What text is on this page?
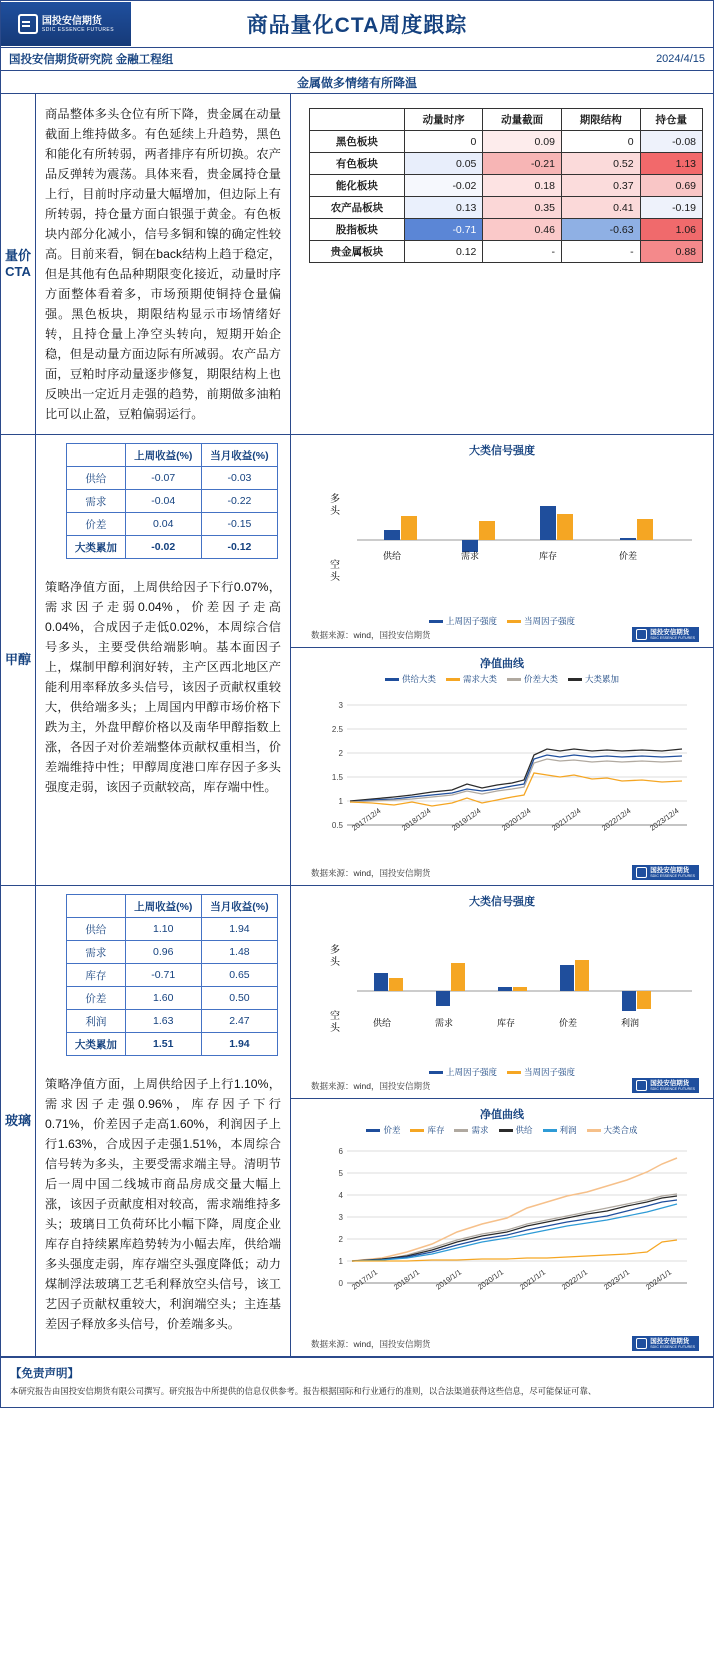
国投安信期货
SDIC ESSENCE FUTURES	商品量化CTA周度跟踪
国投安信期货研究院 金融工程组	2024/4/15
金属做多情绪有所降温
量价CTA
商品整体多头仓位有所下降，贵金属在动量截面上维持做多。有色延续上升趋势，黑色和能化有所转弱，两者排序有所切换。农产品反弹转为震荡。具体来看，贵金属持仓量上行，目前时序动量大幅增加，但边际上有所转弱，持仓量方面白银强于黄金。有色板块内部分化减小，信号多铜和镍的确定性较高。目前来看，铜在back结构上趋于稳定，但是其他有色品种期限变化接近，动量时序方面整体看着多，市场预期使铜持仓量偏强。黑色板块，期限结构显示市场情绪好转，且持仓量上净空头转向，短期开始企稳，但是动量方面边际有所减弱。农产品方面，豆粕时序动量逐步修复，期限结构上也反映出一定近月走强的趋势，前期做多油粕比可以止盈，豆粕偏弱运行。
	动量时序	动量截面	期限结构	持仓量
黑色板块	0	0.09	0	-0.08
有色板块	0.05	-0.21	0.52	1.13
能化板块	-0.02	0.18	0.37	0.69
农产品板块	0.13	0.35	0.41	-0.19
股指板块	-0.71	0.46	-0.63	1.06
贵金属板块	0.12	-	-	0.88
甲醇
	上周收益(%)	当月收益(%)
供给	-0.07	-0.03
需求	-0.04	-0.22
价差	0.04	-0.15
大类累加	-0.02	-0.12
策略净值方面，上周供给因子下行0.07%，需求因子走弱0.04%，价差因子走高0.04%，合成因子走低0.02%，本周综合信号多头，主要受供给端影响。基本面因子上，煤制甲醇利润好转，主产区西北地区产能利用率释放多头信号，该因子贡献权重较大，供给端多头；上周国内甲醇市场价格下跌为主，外盘甲醇价格以及南华甲醇指数上涨，各因子对价差端整体贡献权重相当，价差端维持中性；甲醇周度港口库存因子多头强度走弱，该因子贡献较高，库存端中性。
大类信号强度
多
头
空
头
供给	需求	库存	价差
上周因子强度	当周因子强度
数据来源：wind，国投安信期货	国投安信期货
SDIC ESSENCE FUTURES
净值曲线
供给大类	需求大类	价差大类	大类累加
0.5
1
1.5
2
2.5
3
2017/12/4 2018/12/4 2019/12/4 2020/12/4 2021/12/4 2022/12/4 2023/12/4
数据来源：wind，国投安信期货	国投安信期货
SDIC ESSENCE FUTURES
玻璃
	上周收益(%)	当月收益(%)
供给	1.10	1.94
需求	0.96	1.48
库存	-0.71	0.65
价差	1.60	0.50
利润	1.63	2.47
大类累加	1.51	1.94
策略净值方面，上周供给因子上行1.10%，需求因子走强0.96%，库存因子下行0.71%，价差因子走高1.60%，利润因子上行1.63%，合成因子走强1.51%，本周综合信号转为多头，主要受需求端主导。清明节后一周中国二线城市商品房成交量大幅上涨，该因子贡献度相对较高，需求端维持多头；玻璃日工负荷环比小幅下降，周度企业库存自持续累库趋势转为小幅去库，供给端多头强度走弱，库存端空头强度降低；动力煤制浮法玻璃工艺毛利释放空头信号，该工艺因子贡献权重较大，利润端空头；主连基差因子释放多头信号，价差端多头。
大类信号强度
多
头
空
头	供给	需求	库存	价差	利润
上周因子强度	当周因子强度
数据来源：wind，国投安信期货	国投安信期货
SDIC ESSENCE FUTURES
净值曲线
价差	库存	需求	供给	利润	大类合成
0
1
2
3
4
5
6
2017/1/1 2018/1/1 2019/1/1 2020/1/1 2021/1/1 2022/1/1 2023/1/1 2024/1/1
数据来源：wind，国投安信期货	国投安信期货
SDIC ESSENCE FUTURES
【免责声明】
本研究报告由国投安信期货有限公司撰写。研究报告中所提供的信息仅供参考。报告根据国际和行业通行的准则，以合法渠道获得这些信息，尽可能保证可靠、
